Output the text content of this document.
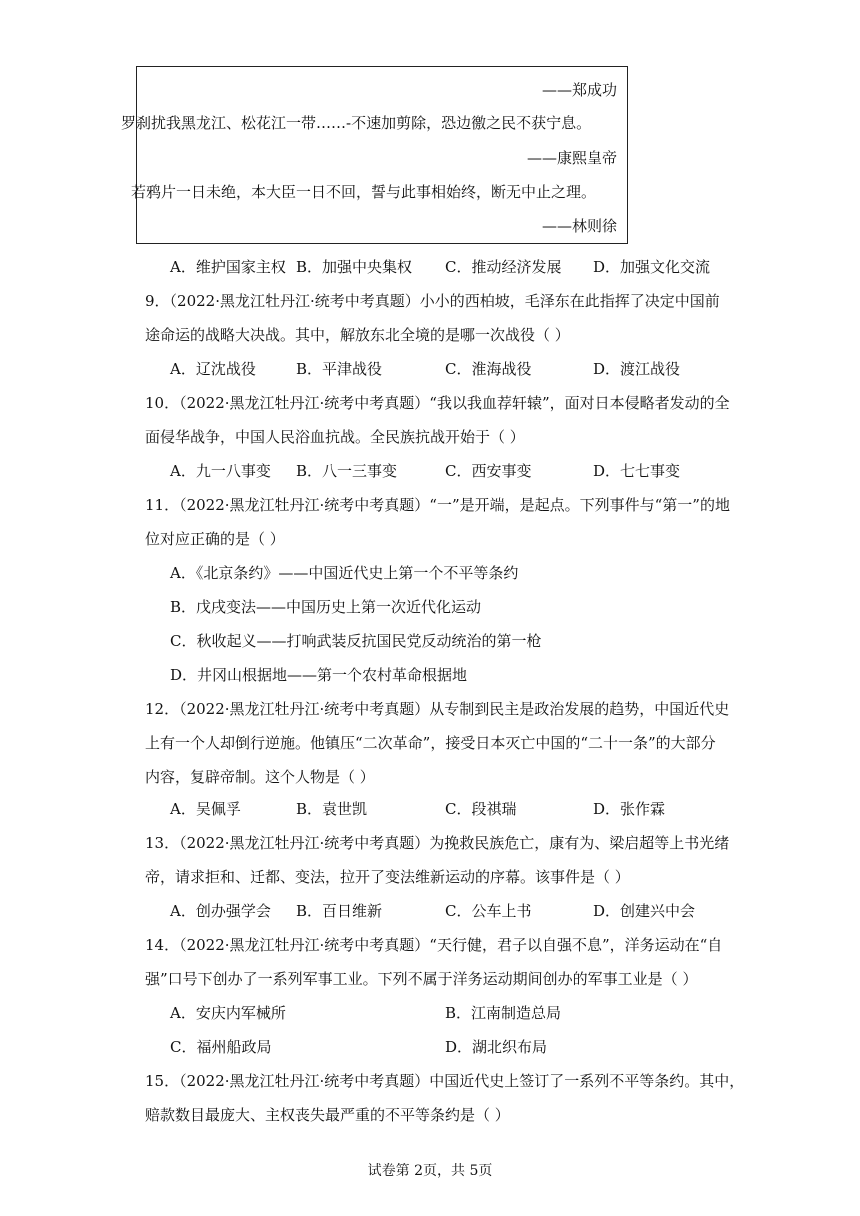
——郑成功
罗刹扰我黑龙江、松花江一带……-不速加剪除，恐边徼之民不获宁息。
——康熙皇帝
若鸦片一日未绝，本大臣一日不回，誓与此事相始终，断无中止之理。
——林则徐
A．维护国家主权 B．加强中央集权 C．推动经济发展 D．加强文化交流
9．（2022·黑龙江牡丹江·统考中考真题）小小的西柏坡，毛泽东在此指挥了决定中国前
途命运的战略大决战。其中，解放东北全境的是哪一次战役（ ）
A．辽沈战役	B．平津战役	C．淮海战役	D．渡江战役
10．（2022·黑龙江牡丹江·统考中考真题）“我以我血荐轩辕”，面对日本侵略者发动的全
面侵华战争，中国人民浴血抗战。全民族抗战开始于（ ）
A．九一八事变 B．八一三事变	C．西安事变	D．七七事变
11．（2022·黑龙江牡丹江·统考中考真题）“一”是开端，是起点。下列事件与“第一”的地
位对应正确的是（ ）
A．《北京条约》——中国近代史上第一个不平等条约
B．戊戌变法——中国历史上第一次近代化运动
C．秋收起义——打响武装反抗国民党反动统治的第一枪
D．井冈山根据地——第一个农村革命根据地
12．（2022·黑龙江牡丹江·统考中考真题）从专制到民主是政治发展的趋势，中国近代史
上有一个人却倒行逆施。他镇压“二次革命”，接受日本灭亡中国的“二十一条”的大部分
内容，复辟帝制。这个人物是（ ）
A．吴佩孚	B．袁世凯	C．段祺瑞	D．张作霖
13．（2022·黑龙江牡丹江·统考中考真题）为挽救民族危亡，康有为、梁启超等上书光绪
帝，请求拒和、迁都、变法，拉开了变法维新运动的序幕。该事件是（ ）
A．创办强学会 B．百日维新	C．公车上书	D．创建兴中会
14．（2022·黑龙江牡丹江·统考中考真题）“天行健，君子以自强不息”，洋务运动在“自
强”口号下创办了一系列军事工业。下列不属于洋务运动期间创办的军事工业是（ ）
A．安庆内军械所	B．江南制造总局
C．福州船政局	D．湖北织布局
15．（2022·黑龙江牡丹江·统考中考真题）中国近代史上签订了一系列不平等条约。其中，
赔款数目最庞大、主权丧失最严重的不平等条约是（ ）
试卷第 2页，共 5页
